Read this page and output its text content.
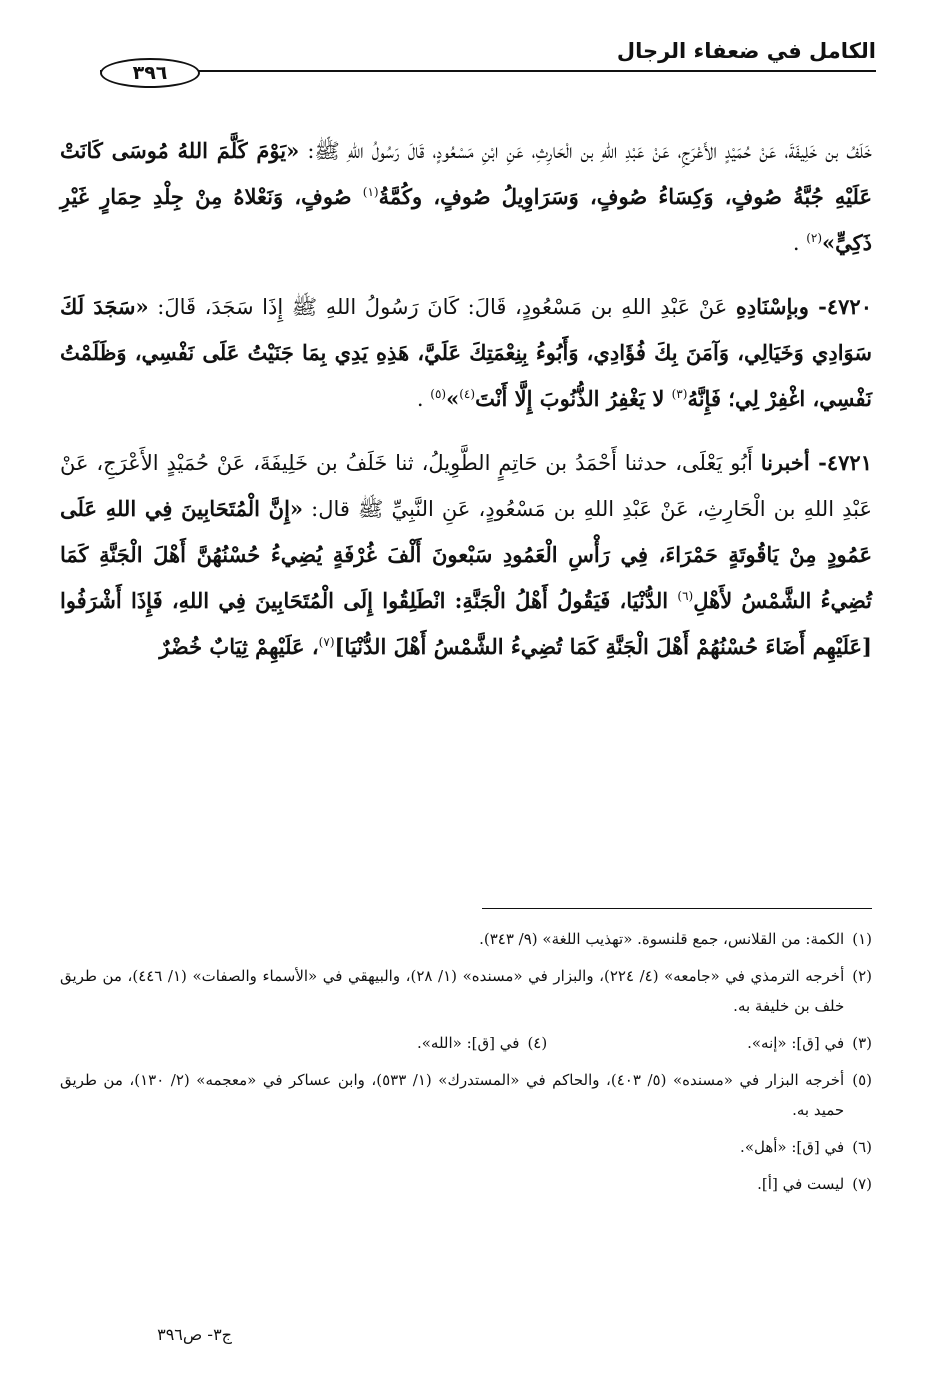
الكامل في ضعفاء الرجال
٣٩٦

خَلَفُ بن خَلِيفَةَ، عَنْ حُمَيْدٍ الأَعْرَجِ، عَنْ عَبْدِ اللهِ بن الْحَارِثِ، عَنِ ابْنِ مَسْعُودٍ، قَالَ رَسُولُ اللهِ ﷺ: «يَوْمَ كَلَّمَ اللهُ مُوسَى كَانَتْ عَلَيْهِ جُبَّةُ صُوفٍ، وَكِسَاءُ صُوفٍ، وَسَرَاوِيلُ صُوفٍ، وكُمَّةُ$^{(١)}$ صُوفٍ، وَنَعْلاهُ مِنْ جِلْدِ حِمَارٍ غَيْرِ ذَكِيٍّ»$^{(٢)}$ .

٤٧٢٠- وبإسْنَادِهِ عَنْ عَبْدِ اللهِ بن مَسْعُودٍ، قَالَ: كَانَ رَسُولُ اللهِ ﷺ إِذَا سَجَدَ، قَالَ: «سَجَدَ لَكَ سَوَادِي وَخَيَالِي، وَآمَنَ بِكَ فُؤَادِي، وَأَبُوءُ بِنِعْمَتِكَ عَلَيَّ، هَذِهِ يَدِي بِمَا جَنَيْتُ عَلَى نَفْسِي، وَظَلَمْتُ نَفْسِي، اغْفِرْ لِي؛ فَإِنَّهُ$^{(٣)}$ لا يَغْفِرُ الذُّنُوبَ إِلَّا أَنْتَ$^{(٤)}$»$^{(٥)}$ .

٤٧٢١- أخبرنا أَبُو يَعْلَى، حدثنا أَحْمَدُ بن حَاتِمٍ الطَّوِيلُ، ثنا خَلَفُ بن خَلِيفَةَ، عَنْ حُمَيْدٍ الأَعْرَجِ، عَنْ عَبْدِ اللهِ بن الْحَارِثِ، عَنْ عَبْدِ اللهِ بن مَسْعُودٍ، عَنِ النَّبِيِّ ﷺ قال: «إِنَّ الْمُتَحَابِينَ فِي اللهِ عَلَى عَمُودٍ مِنْ يَاقُوتَةٍ حَمْرَاءَ، فِي رَأْسِ الْعَمُودِ سَبْعونَ أَلْفَ غُرْفَةٍ يُضِيءُ حُسْنُهُنَّ أَهْلَ الْجَنَّةِ كَمَا تُضِيءُ الشَّمْسُ لأَهْلِ$^{(٦)}$ الدُّنْيَا، فَيَقُولُ أَهْلُ الْجَنَّةِ: انْطَلِقُوا إِلَى الْمُتَحَابِينَ فِي اللهِ، فَإِذَا أَشْرَفُوا [عَلَيْهِم أَضَاءَ حُسْنُهُمْ أَهْلَ الْجَنَّةِ كَمَا تُضِيءُ الشَّمْسُ أَهْلَ الدُّنْيَا]$^{(٧)}$، عَلَيْهِمْ ثِيَابٌ خُضْرٌ

(١)
الكمة: من القلانس، جمع قلنسوة. «تهذيب اللغة» (٩/ ٣٤٣).
(٢)
أخرجه الترمذي في «جامعه» (٤/ ٢٢٤)، والبزار في «مسنده» (١/ ٢٨)، والبيهقي في «الأسماء والصفات» (١/ ٤٤٦)، من طريق خلف بن خليفة به.
(٣)
في [ق]: «إنه».

(٤)
في [ق]: «الله».
(٥)
أخرجه البزار في «مسنده» (٥/ ٤٠٣)، والحاكم في «المستدرك» (١/ ٥٣٣)، وابن عساكر في «معجمه» (٢/ ١٣٠)، من طريق حميد به.
(٦)
في [ق]: «أهل».
(٧)
ليست في [أ].
ج٣- ص٣٩٦
